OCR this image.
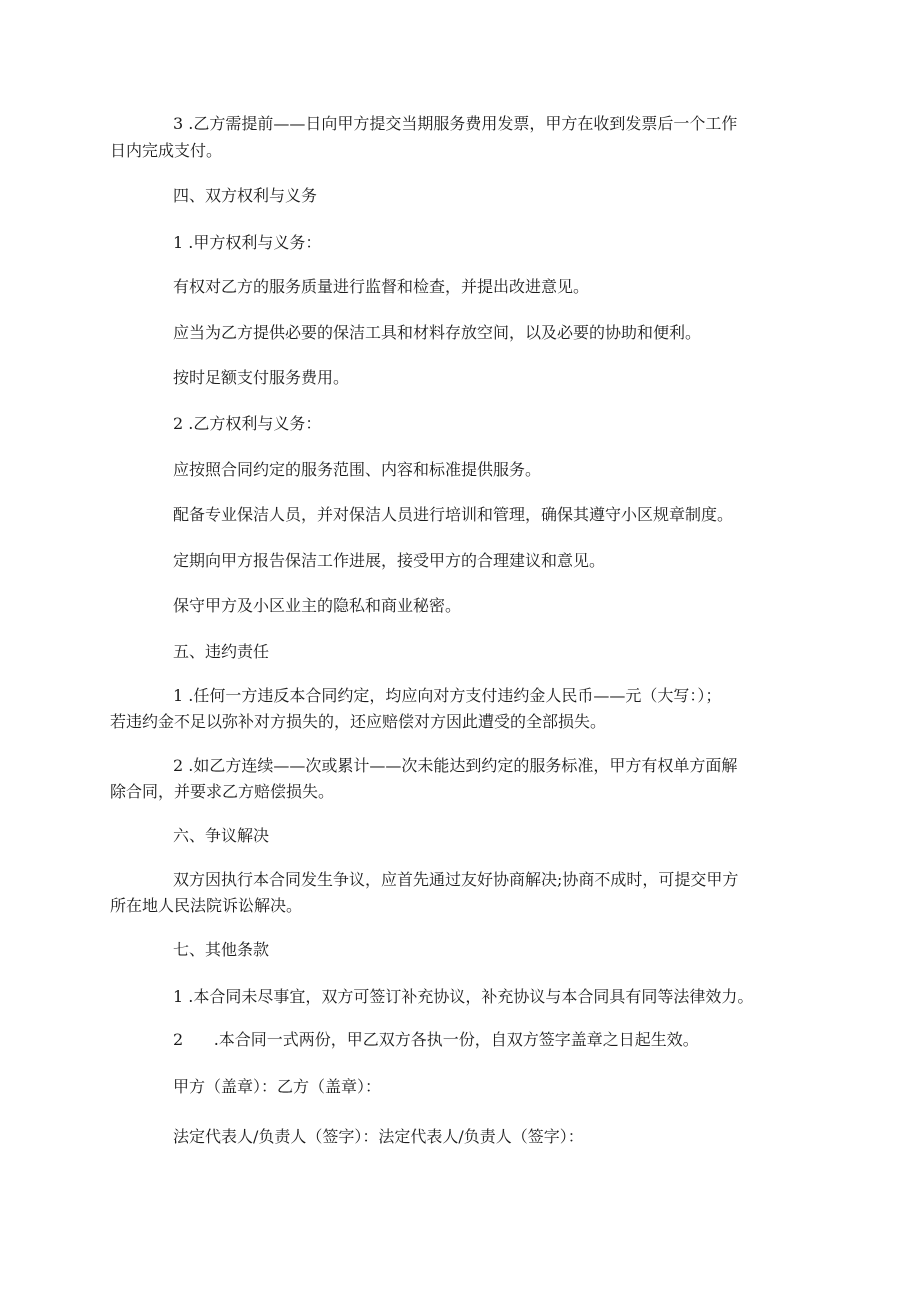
3 .乙方需提前——日向甲方提交当期服务费用发票，甲方在收到发票后一个工作

日内完成支付。

四、双方权利与义务

1 .甲方权利与义务：

有权对乙方的服务质量进行监督和检查，并提出改进意见。

应当为乙方提供必要的保洁工具和材料存放空间，以及必要的协助和便利。

按时足额支付服务费用。

2 .乙方权利与义务：

应按照合同约定的服务范围、内容和标准提供服务。

配备专业保洁人员，并对保洁人员进行培训和管理，确保其遵守小区规章制度。

定期向甲方报告保洁工作进展，接受甲方的合理建议和意见。

保守甲方及小区业主的隐私和商业秘密。

五、违约责任

1 .任何一方违反本合同约定，均应向对方支付违约金人民币——元（大写：）；

若违约金不足以弥补对方损失的，还应赔偿对方因此遭受的全部损失。

2 .如乙方连续——次或累计——次未能达到约定的服务标准，甲方有权单方面解

除合同，并要求乙方赔偿损失。

六、争议解决

双方因执行本合同发生争议，应首先通过友好协商解决;协商不成时，可提交甲方

所在地人民法院诉讼解决。

七、其他条款

1 .本合同未尽事宜，双方可签订补充协议，补充协议与本合同具有同等法律效力。

2      .本合同一式两份，甲乙双方各执一份，自双方签字盖章之日起生效。

甲方（盖章）：乙方（盖章）：

法定代表人/负责人（签字）：法定代表人/负责人（签字）：
